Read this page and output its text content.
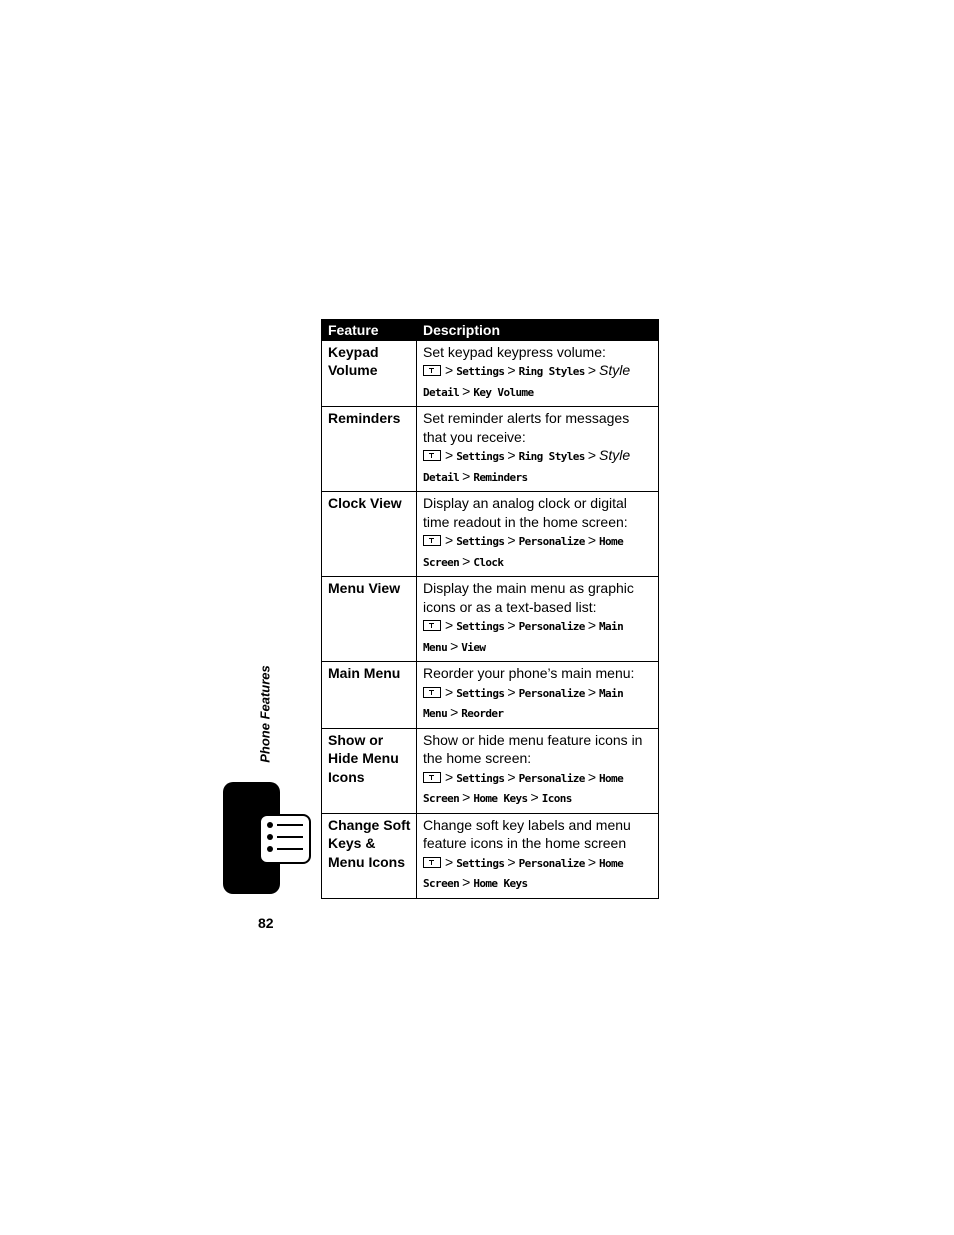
Feature	Description
Keypad Volume	Set keypad keypress volume:
> Settings > Ring Styles > Style Detail > Key Volume

Reminders	Set reminder alerts for messages that you receive:
> Settings > Ring Styles > Style Detail > Reminders

Clock View	Display an analog clock or digital time readout in the home screen:
> Settings > Personalize > Home Screen > Clock

Menu View	Display the main menu as graphic icons or as a text-based list:
> Settings > Personalize > Main Menu > View

Main Menu	Reorder your phone’s main menu:
> Settings > Personalize > Main Menu > Reorder

Show or Hide Menu Icons	Show or hide menu feature icons in the home screen:
> Settings > Personalize > Home Screen > Home Keys > Icons

Change Soft Keys & Menu Icons	Change soft key labels and menu feature icons in the home screen
> Settings > Personalize > Home Screen > Home Keys
Phone Features
82
